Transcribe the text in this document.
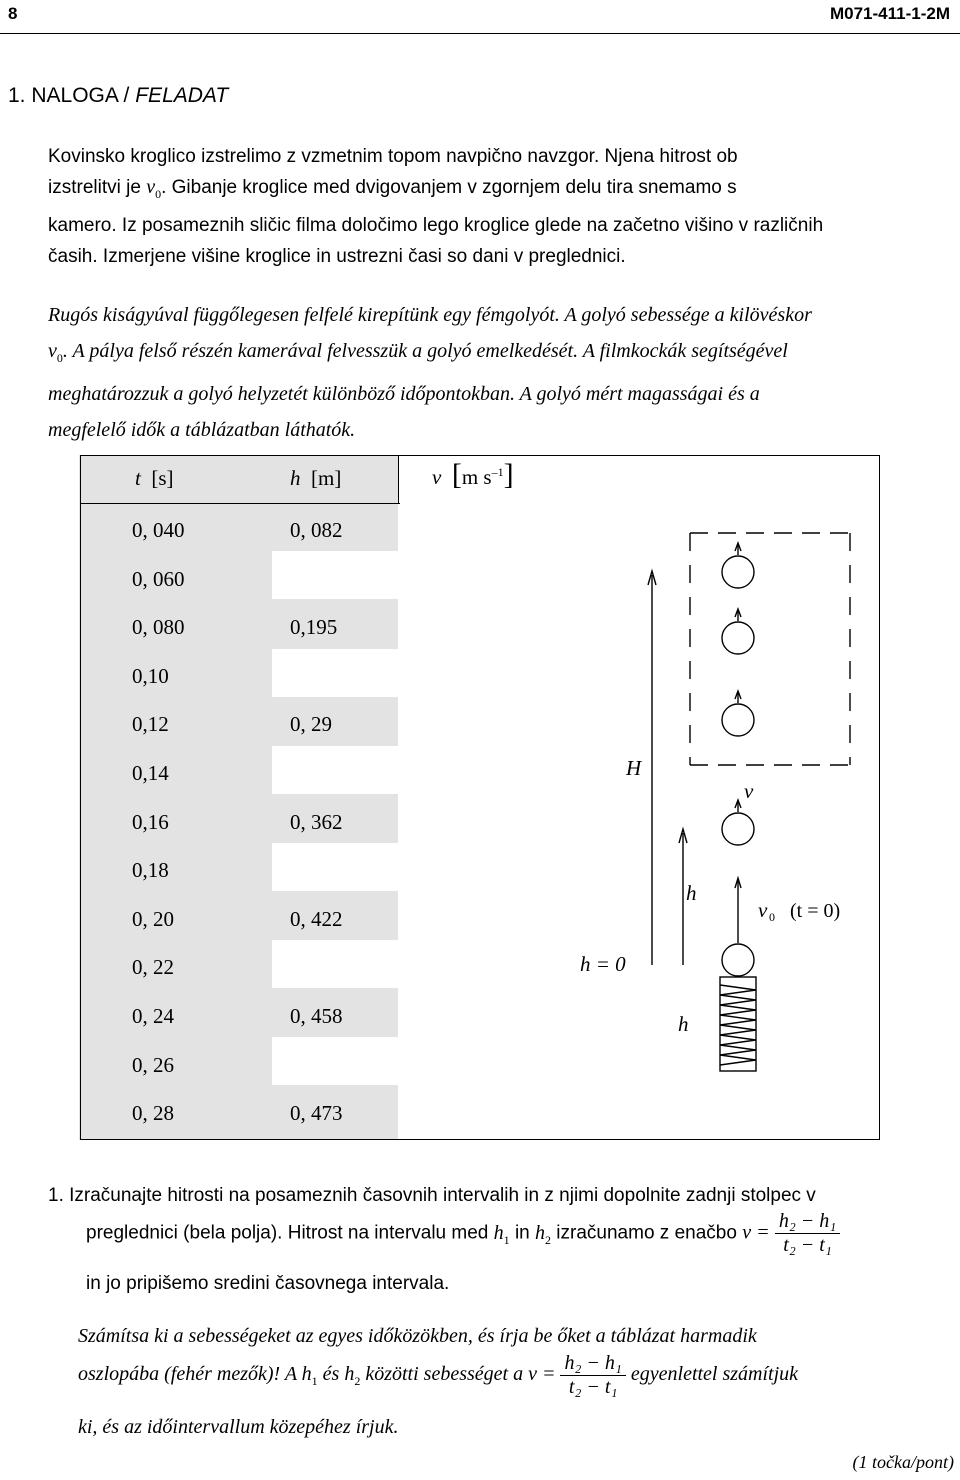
8	M071-411-1-2M
1. NALOGA / FELADAT
Kovinsko kroglico izstrelimo z vzmetnim topom navpično navzgor. Njena hitrost ob
izstrelitvi je $v_0$. Gibanje kroglice med dvigovanjem v zgornjem delu tira snemamo s
kamero. Iz posameznih sličic filma določimo lego kroglice glede na začetno višino v različnih
časih. Izmerjene višine kroglice in ustrezni časi so dani v preglednici.
Rugós kiságyúval függőlegesen felfelé kirepítünk egy fémgolyót. A golyó sebessége a kilövéskor
$v_0$. A pálya felső részén kamerával felvesszük a golyó emelkedését. A filmkockák segítségével
meghatározzuk a golyó helyzetét különböző időpontokban. A golyó mért magasságai és a
megfelelő idők a táblázatban láthatók.
t [s]	h [m]	v [m $s^{-1}$]
0, 040	0, 082
0, 060
0, 080	0,195
0,10
0,12	0, 29
0,14
0,16	0, 362
0,18
0, 20	0, 422
0, 22
0, 24	0, 458
0, 26
0, 28	0, 473
H
v
h
v 0 (t = 0)
h = 0
h
1. Izračunajte hitrosti na posameznih časovnih intervalih in z njimi dopolnite zadnji stolpec v
preglednici (bela polja). Hitrost na intervalu med $h_1$ in $h_2$ izračunamo z enačbo $v = \frac{\text{h₂ − h₁}}{\text{t₂ − t₁}}$
in jo pripišemo sredini časovnega intervala.
Számítsa ki a sebességeket az egyes időközökben, és írja be őket a táblázat harmadik
oszlopába (fehér mezők)! A $h_1$ és $h_2$ közötti sebességet a $v = \frac{\text{h₂ − h₁}}{\text{t₂ − t₁}}$ egyenlettel számítjuk
ki, és az időintervallum közepéhez írjuk.
(1 točka/pont)
